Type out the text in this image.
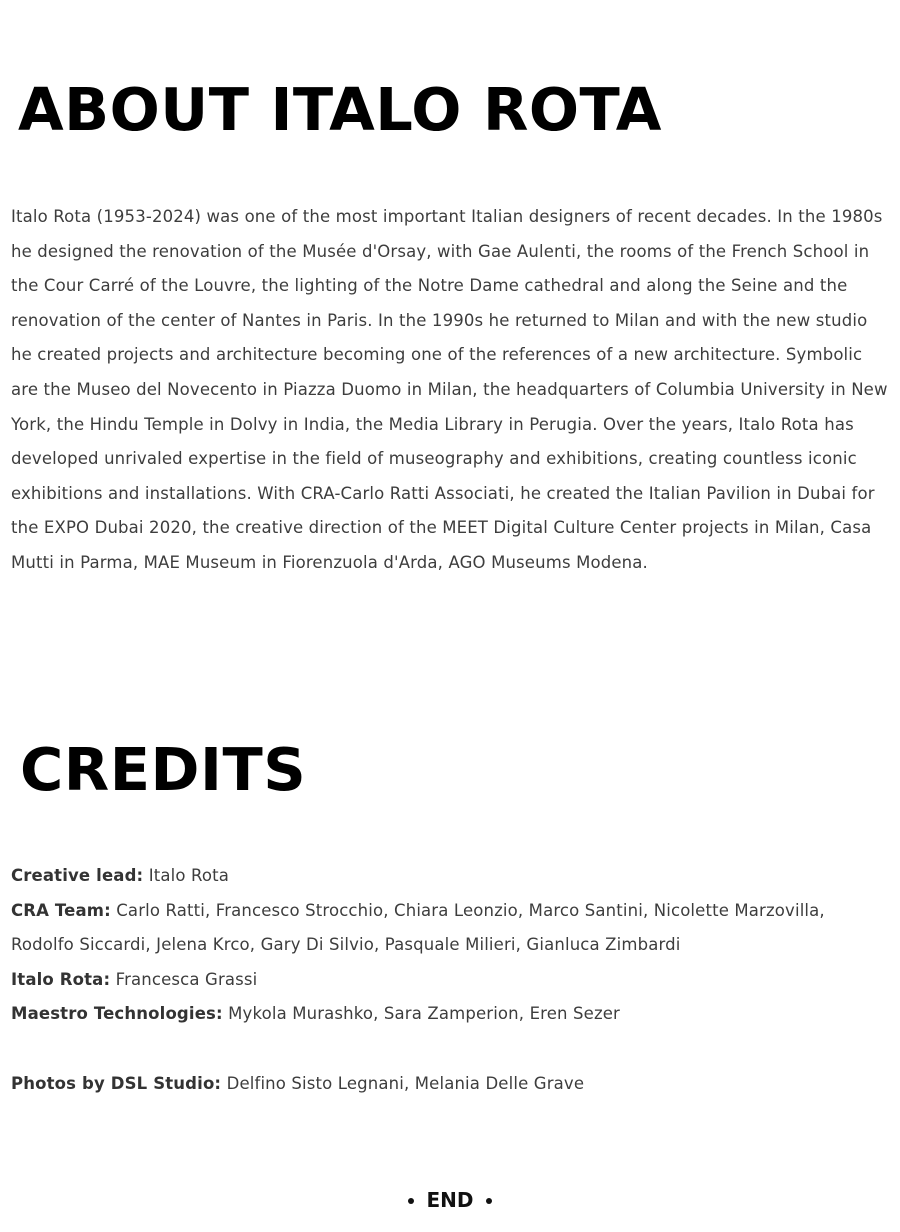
ABOUT ITALO ROTA

Italo Rota (1953-2024) was one of the most important Italian designers of recent decades. In the 1980s he designed the renovation of the Musée d'Orsay, with Gae Aulenti, the rooms of the French School in the Cour Carré of the Louvre, the lighting of the Notre Dame cathedral and along the Seine and the renovation of the center of Nantes in Paris. In the 1990s he returned to Milan and with the new studio he created projects and architecture becoming one of the references of a new architecture. Symbolic are the Museo del Novecento in Piazza Duomo in Milan, the headquarters of Columbia University in New York, the Hindu Temple in Dolvy in India, the Media Library in Perugia. Over the years, Italo Rota has developed unrivaled expertise in the field of museography and exhibitions, creating countless iconic exhibitions and installations. With CRA-Carlo Ratti Associati, he created the Italian Pavilion in Dubai for the EXPO Dubai 2020, the creative direction of the MEET Digital Culture Center projects in Milan, Casa Mutti in Parma, MAE Museum in Fiorenzuola d'Arda, AGO Museums Modena.

CREDITS
Creative lead: Italo Rota
CRA Team: Carlo Ratti, Francesco Strocchio, Chiara Leonzio, Marco Santini, Nicolette Marzovilla, Rodolfo Siccardi, Jelena Krco, Gary Di Silvio, Pasquale Milieri, Gianluca Zimbardi
Italo Rota: Francesca Grassi
Maestro Technologies: Mykola Murashko, Sara Zamperion, Eren Sezer
Photos by DSL Studio: Delfino Sisto Legnani, Melania Delle Grave
END
